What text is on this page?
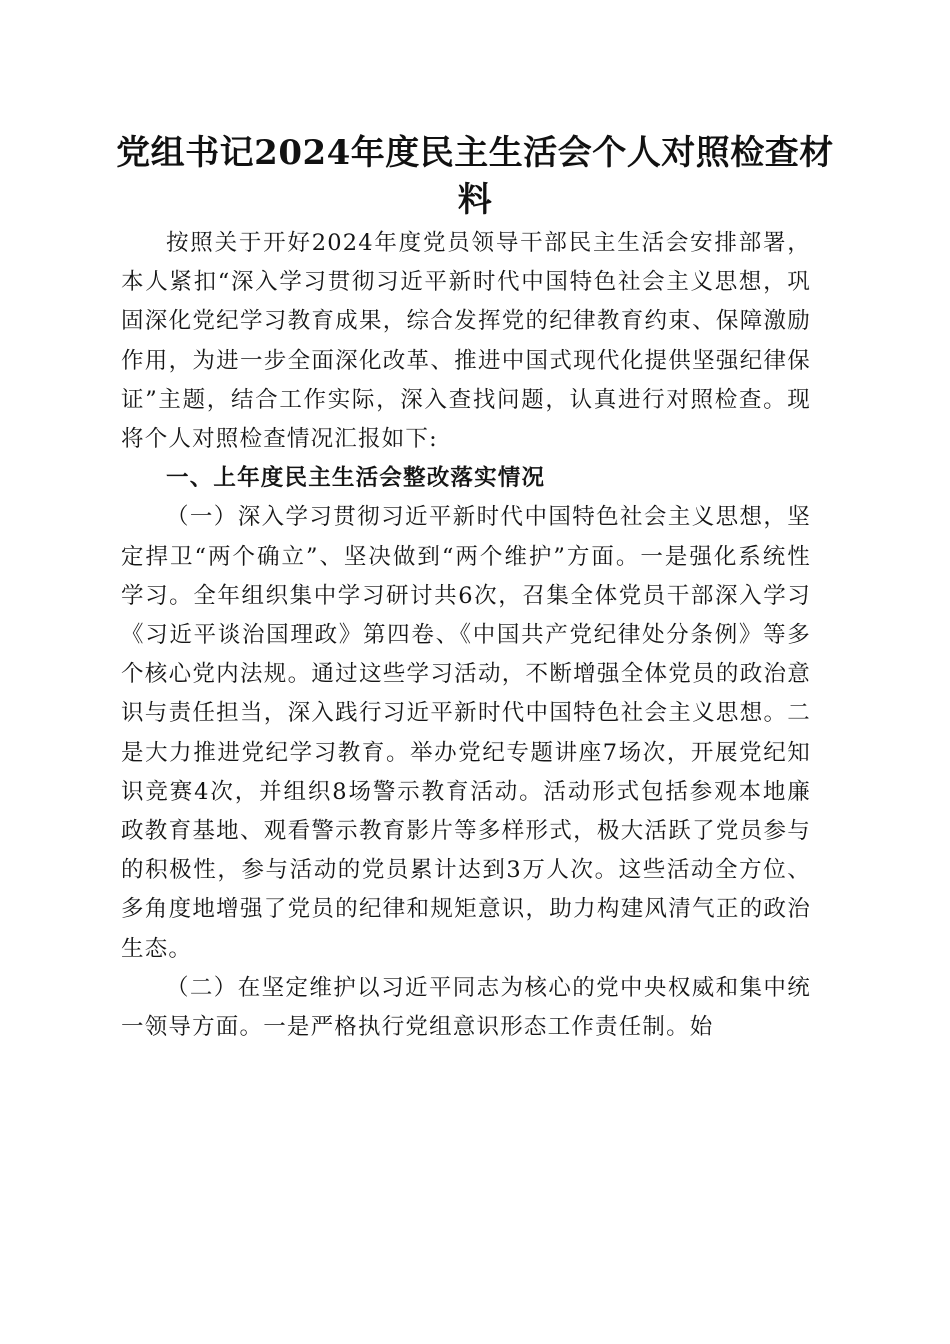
党组书记2024年度民主生活会个人对照检查材料

按照关于开好2024年度党员领导干部民主生活会安排部署，本人紧扣“深入学习贯彻习近平新时代中国特色社会主义思想，巩固深化党纪学习教育成果，综合发挥党的纪律教育约束、保障激励作用，为进一步全面深化改革、推进中国式现代化提供坚强纪律保证”主题，结合工作实际，深入查找问题，认真进行对照检查。现将个人对照检查情况汇报如下:

一、上年度民主生活会整改落实情况

（一）深入学习贯彻习近平新时代中国特色社会主义思想，坚定捍卫“两个确立”、坚决做到“两个维护”方面。一是强化系统性学习。全年组织集中学习研讨共6次，召集全体党员干部深入学习《习近平谈治国理政》第四卷、《中国共产党纪律处分条例》等多个核心党内法规。通过这些学习活动，不断增强全体党员的政治意识与责任担当，深入践行习近平新时代中国特色社会主义思想。二是大力推进党纪学习教育。举办党纪专题讲座7场次，开展党纪知识竞赛4次，并组织8场警示教育活动。活动形式包括参观本地廉政教育基地、观看警示教育影片等多样形式，极大活跃了党员参与的积极性，参与活动的党员累计达到3万人次。这些活动全方位、多角度地增强了党员的纪律和规矩意识，助力构建风清气正的政治生态。

（二）在坚定维护以习近平同志为核心的党中央权威和集中统一领导方面。一是严格执行党组意识形态工作责任制。始
